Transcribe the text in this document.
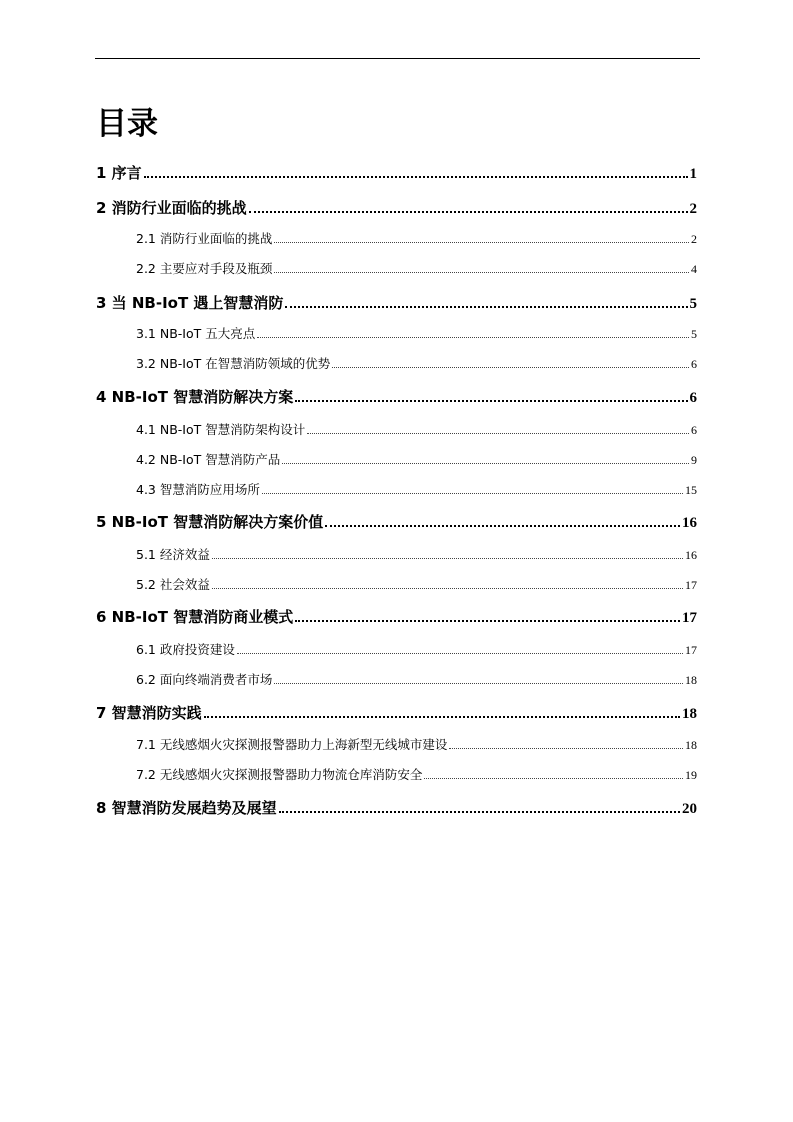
目录
1 序言	1
2 消防行业面临的挑战	2
2.1 消防行业面临的挑战	2
2.2 主要应对手段及瓶颈	4
3 当 NB-IoT 遇上智慧消防	5
3.1 NB-IoT 五大亮点	5
3.2 NB-IoT 在智慧消防领域的优势	6
4 NB-IoT 智慧消防解决方案	6
4.1 NB-IoT 智慧消防架构设计	6
4.2 NB-IoT 智慧消防产品	9
4.3 智慧消防应用场所	15
5 NB-IoT 智慧消防解决方案价值	16
5.1 经济效益	16
5.2 社会效益	17
6 NB-IoT 智慧消防商业模式	17
6.1 政府投资建设	17
6.2 面向终端消费者市场	18
7 智慧消防实践	18
7.1 无线感烟火灾探测报警器助力上海新型无线城市建设	18
7.2 无线感烟火灾探测报警器助力物流仓库消防安全	19
8 智慧消防发展趋势及展望	20
